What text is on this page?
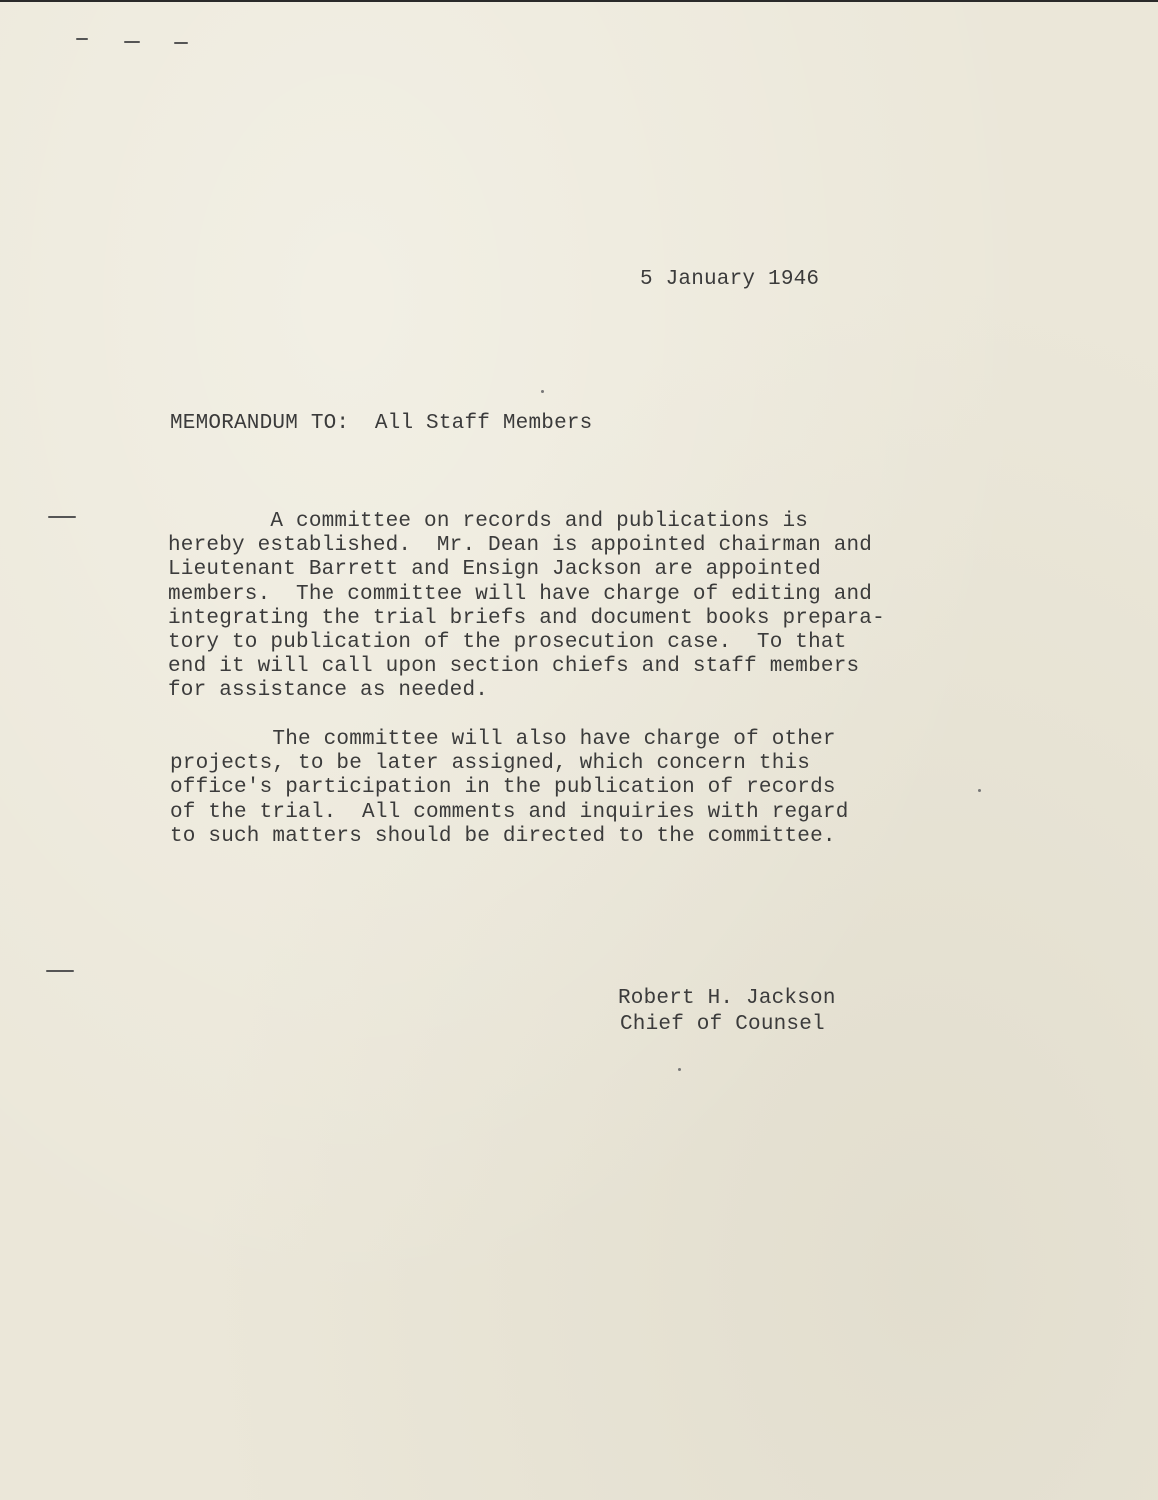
5 January 1946
MEMORANDUM TO: All Staff Members
A committee on records and publications is
hereby established.  Mr. Dean is appointed chairman and
Lieutenant Barrett and Ensign Jackson are appointed
members.  The committee will have charge of editing and
integrating the trial briefs and document books prepara-
tory to publication of the prosecution case.  To that
end it will call upon section chiefs and staff members
for assistance as needed.
The committee will also have charge of other
projects, to be later assigned, which concern this
office's participation in the publication of records
of the trial.  All comments and inquiries with regard
to such matters should be directed to the committee.
Robert H. Jackson
Chief of Counsel
